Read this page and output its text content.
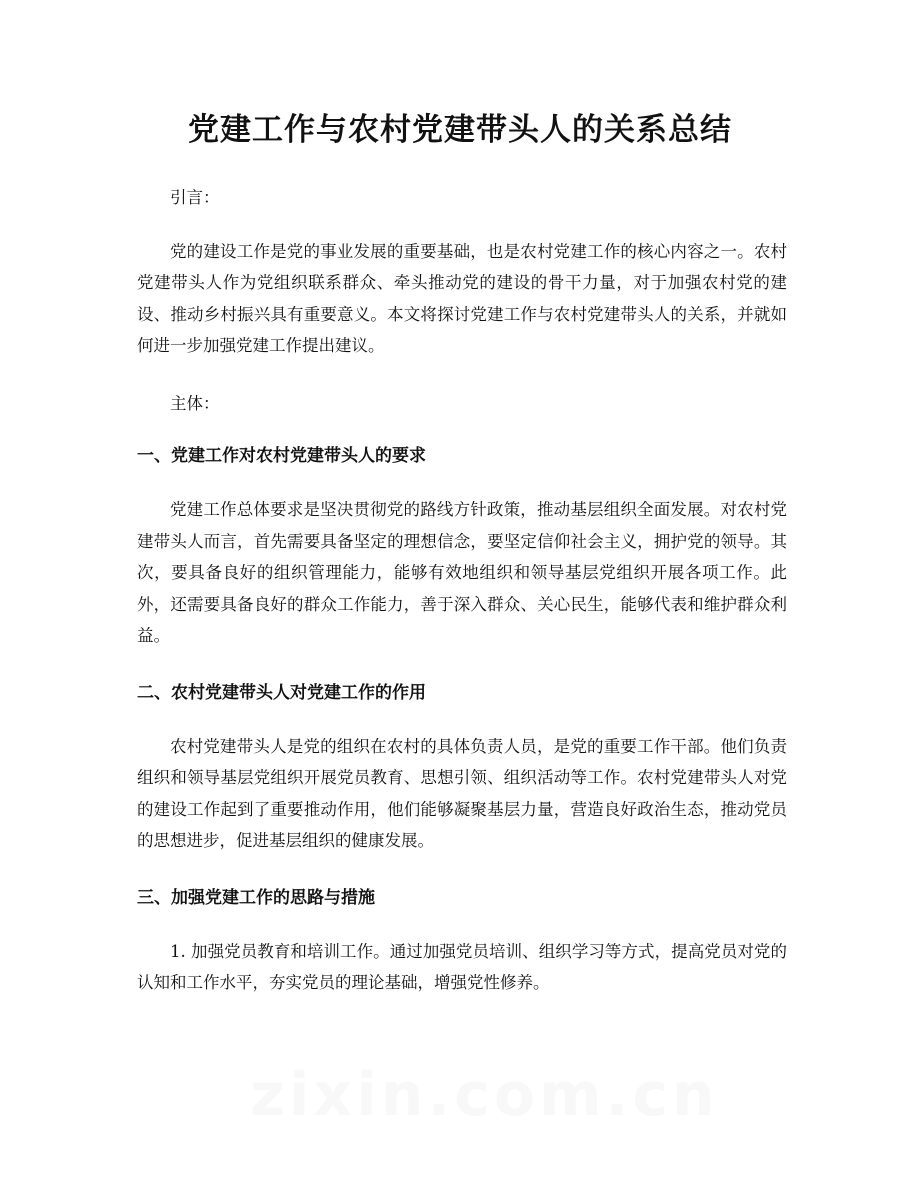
党建工作与农村党建带头人的关系总结

引言：

党的建设工作是党的事业发展的重要基础，也是农村党建工作的核心内容之一。农村党建带头人作为党组织联系群众、牵头推动党的建设的骨干力量，对于加强农村党的建设、推动乡村振兴具有重要意义。本文将探讨党建工作与农村党建带头人的关系，并就如何进一步加强党建工作提出建议。

主体：

一、党建工作对农村党建带头人的要求

党建工作总体要求是坚决贯彻党的路线方针政策，推动基层组织全面发展。对农村党建带头人而言，首先需要具备坚定的理想信念，要坚定信仰社会主义，拥护党的领导。其次，要具备良好的组织管理能力，能够有效地组织和领导基层党组织开展各项工作。此外，还需要具备良好的群众工作能力，善于深入群众、关心民生，能够代表和维护群众利益。

二、农村党建带头人对党建工作的作用

农村党建带头人是党的组织在农村的具体负责人员，是党的重要工作干部。他们负责组织和领导基层党组织开展党员教育、思想引领、组织活动等工作。农村党建带头人对党的建设工作起到了重要推动作用，他们能够凝聚基层力量，营造良好政治生态，推动党员的思想进步，促进基层组织的健康发展。

三、加强党建工作的思路与措施

1. 加强党员教育和培训工作。通过加强党员培训、组织学习等方式，提高党员对党的认知和工作水平，夯实党员的理论基础，增强党性修养。

zixin.com.cn
